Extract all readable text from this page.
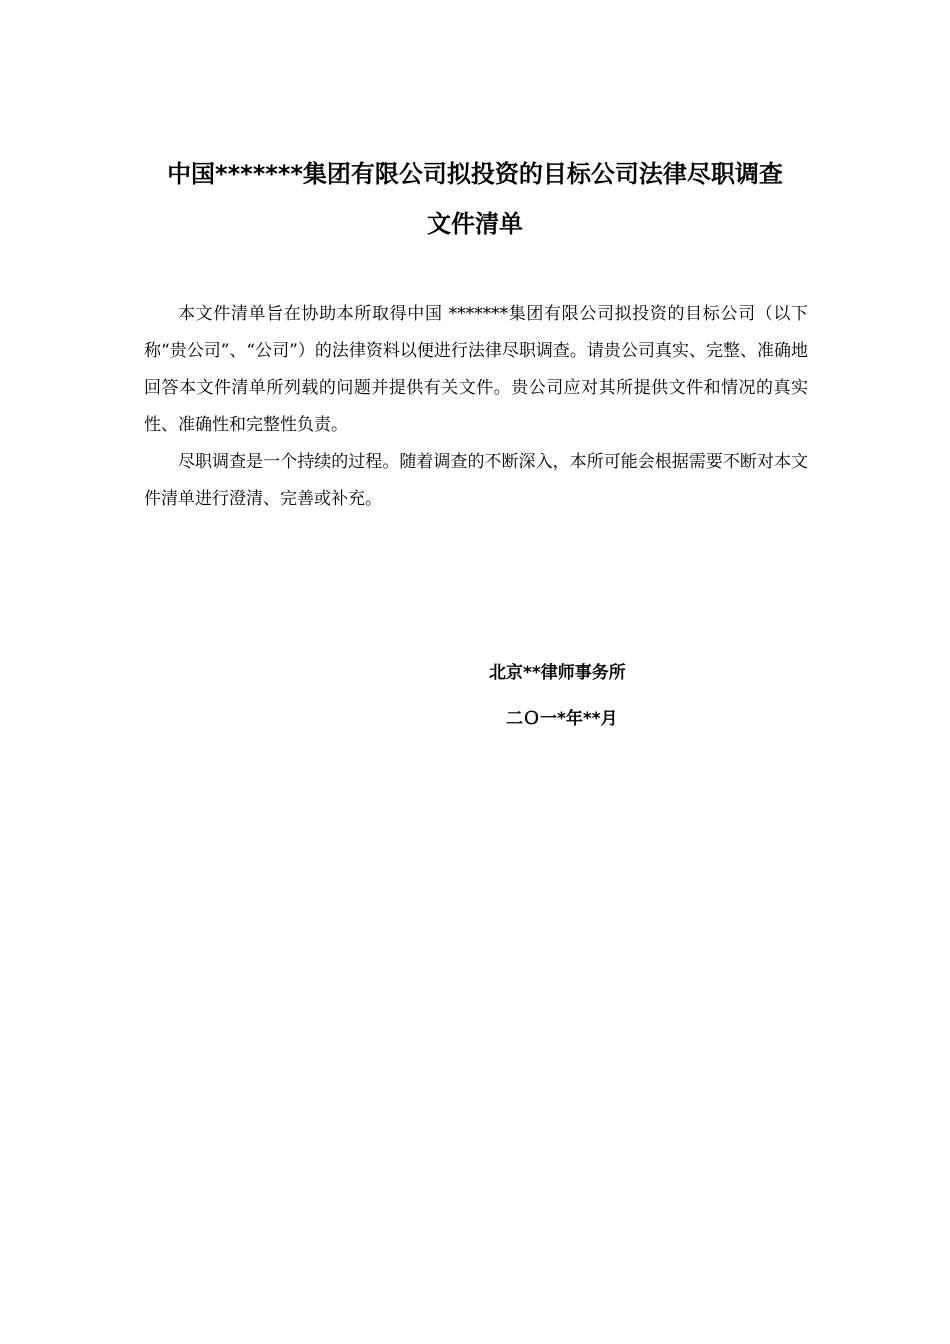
中国*******集团有限公司拟投资的目标公司法律尽职调查
文件清单

本文件清单旨在协助本所取得中国 *******集团有限公司拟投资的目标公司（以下称“贵公司”、“公司”）的法律资料以便进行法律尽职调查。请贵公司真实、完整、准确地回答本文件清单所列载的问题并提供有关文件。贵公司应对其所提供文件和情况的真实性、准确性和完整性负责。

尽职调查是一个持续的过程。随着调查的不断深入，本所可能会根据需要不断对本文件清单进行澄清、完善或补充。

北京**律师事务所
二Ｏ一*年**月
